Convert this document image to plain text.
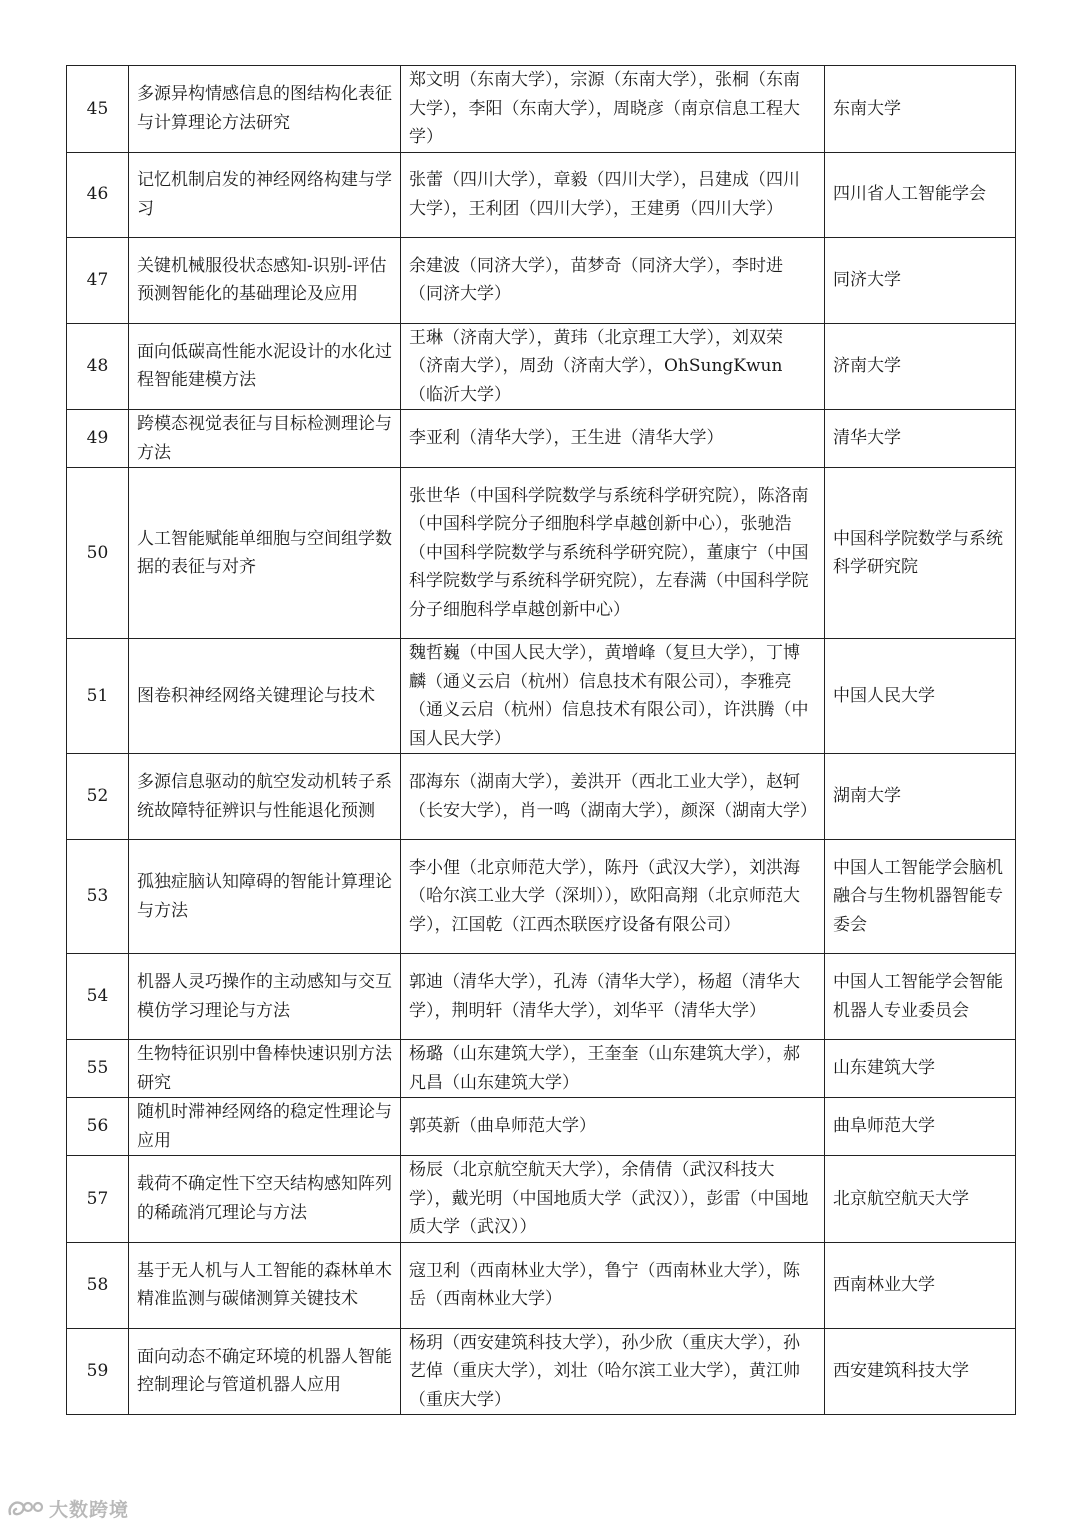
45	多源异构情感信息的图结构化表征与计算理论方法研究	郑文明（东南大学），宗源（东南大学），张桐（东南大学），李阳（东南大学），周晓彦（南京信息工程大学）	东南大学
46	记忆机制启发的神经网络构建与学习	张蕾（四川大学），章毅（四川大学），吕建成（四川大学），王利团（四川大学），王建勇（四川大学）	四川省人工智能学会
47	关键机械服役状态感知-识别-评估预测智能化的基础理论及应用	余建波（同济大学），苗梦奇（同济大学），李时进（同济大学）	同济大学
48	面向低碳高性能水泥设计的水化过程智能建模方法	王琳（济南大学），黄玮（北京理工大学），刘双荣（济南大学），周劲（济南大学），OhSungKwun（临沂大学）	济南大学
49	跨模态视觉表征与目标检测理论与方法	李亚利（清华大学），王生进（清华大学）	清华大学
50	人工智能赋能单细胞与空间组学数据的表征与对齐	张世华（中国科学院数学与系统科学研究院），陈洛南（中国科学院分子细胞科学卓越创新中心），张驰浩（中国科学院数学与系统科学研究院），董康宁（中国科学院数学与系统科学研究院），左春满（中国科学院分子细胞科学卓越创新中心）	中国科学院数学与系统科学研究院
51	图卷积神经网络关键理论与技术	魏哲巍（中国人民大学），黄增峰（复旦大学），丁博麟（通义云启（杭州）信息技术有限公司），李雅亮（通义云启（杭州）信息技术有限公司），许洪腾（中国人民大学）	中国人民大学
52	多源信息驱动的航空发动机转子系统故障特征辨识与性能退化预测	邵海东（湖南大学），姜洪开（西北工业大学），赵轲（长安大学），肖一鸣（湖南大学），颜深（湖南大学）	湖南大学
53	孤独症脑认知障碍的智能计算理论与方法	李小俚（北京师范大学），陈丹（武汉大学），刘洪海（哈尔滨工业大学（深圳）），欧阳高翔（北京师范大学），江国乾（江西杰联医疗设备有限公司）	中国人工智能学会脑机融合与生物机器智能专委会
54	机器人灵巧操作的主动感知与交互模仿学习理论与方法	郭迪（清华大学），孔涛（清华大学），杨超（清华大学），荆明轩（清华大学），刘华平（清华大学）	中国人工智能学会智能机器人专业委员会
55	生物特征识别中鲁棒快速识别方法研究	杨璐（山东建筑大学），王奎奎（山东建筑大学），郝凡昌（山东建筑大学）	山东建筑大学
56	随机时滞神经网络的稳定性理论与应用	郭英新（曲阜师范大学）	曲阜师范大学
57	载荷不确定性下空天结构感知阵列的稀疏消冗理论与方法	杨辰（北京航空航天大学），余倩倩（武汉科技大学），戴光明（中国地质大学（武汉）），彭雷（中国地质大学（武汉））	北京航空航天大学
58	基于无人机与人工智能的森林单木精准监测与碳储测算关键技术	寇卫利（西南林业大学），鲁宁（西南林业大学），陈岳（西南林业大学）	西南林业大学
59	面向动态不确定环境的机器人智能控制理论与管道机器人应用	杨玥（西安建筑科技大学），孙少欣（重庆大学），孙艺倬（重庆大学），刘壮（哈尔滨工业大学），黄江帅（重庆大学）	西安建筑科技大学
大数跨境
